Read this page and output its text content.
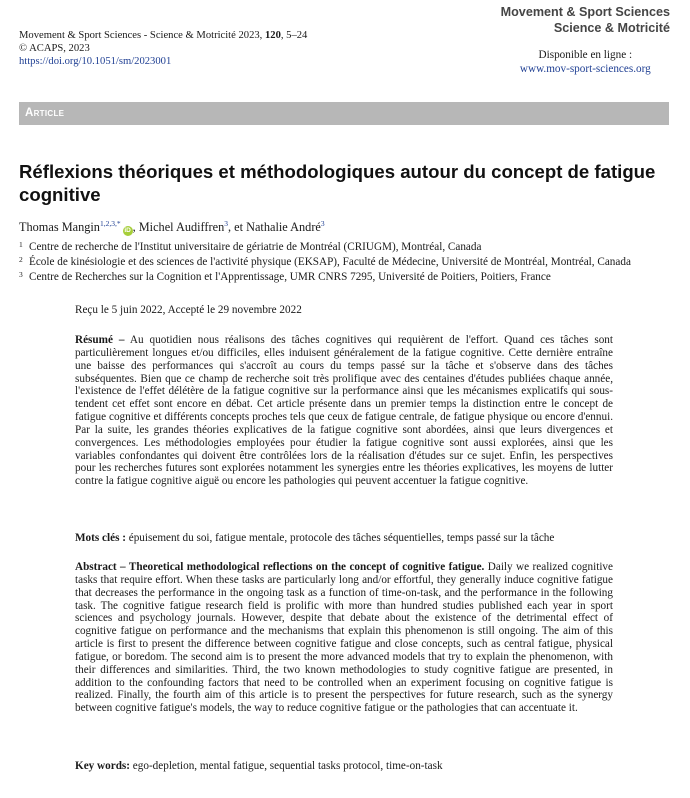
Movement & Sport Sciences - Science & Motricité 2023, 120, 5–24
© ACAPS, 2023
https://doi.org/10.1051/sm/2023001
Movement & Sport Sciences
Science & Motricité
Disponible en ligne :
www.mov-sport-sciences.org
Article
Réflexions théoriques et méthodologiques autour du concept de fatigue cognitive
Thomas Mangin$^{1,2,3,*}$iD , Michel Audiffren$^3$, et Nathalie André$^3$
1 Centre de recherche de l'Institut universitaire de gériatrie de Montréal (CRIUGM), Montréal, Canada
2 École de kinésiologie et des sciences de l'activité physique (EKSAP), Faculté de Médecine, Université de Montréal, Montréal, Canada
3 Centre de Recherches sur la Cognition et l'Apprentissage, UMR CNRS 7295, Université de Poitiers, Poitiers, France
Reçu le 5 juin 2022, Accepté le 29 novembre 2022

Résumé – Au quotidien nous réalisons des tâches cognitives qui requièrent de l'effort. Quand ces tâches sont particulièrement longues et/ou difficiles, elles induisent généralement de la fatigue cognitive. Cette dernière entraîne une baisse des performances qui s'accroît au cours du temps passé sur la tâche et s'observe dans des tâches subséquentes. Bien que ce champ de recherche soit très prolifique avec des centaines d'études publiées chaque année, l'existence de l'effet délétère de la fatigue cognitive sur la performance ainsi que les mécanismes explicatifs qui sous-tendent cet effet sont encore en débat. Cet article présente dans un premier temps la distinction entre le concept de fatigue cognitive et différents concepts proches tels que ceux de fatigue centrale, de fatigue physique ou encore d'ennui. Par la suite, les grandes théories explicatives de la fatigue cognitive sont abordées, ainsi que leurs divergences et convergences. Les méthodologies employées pour étudier la fatigue cognitive sont aussi explorées, ainsi que les variables confondantes qui doivent être contrôlées lors de la réalisation d'études sur ce sujet. Enfin, les perspectives pour les recherches futures sont explorées notamment les synergies entre les théories explicatives, les moyens de lutter contre la fatigue cognitive aiguë ou encore les pathologies qui peuvent accentuer la fatigue cognitive.

Mots clés : épuisement du soi, fatigue mentale, protocole des tâches séquentielles, temps passé sur la tâche

Abstract – Theoretical methodological reflections on the concept of cognitive fatigue. Daily we realized cognitive tasks that require effort. When these tasks are particularly long and/or effortful, they generally induce cognitive fatigue that decreases the performance in the ongoing task as a function of time-on-task, and the performance in the following task. The cognitive fatigue research field is prolific with more than hundred studies published each year in sport sciences and psychology journals. However, despite that debate about the existence of the detrimental effect of cognitive fatigue on performance and the mechanisms that explain this phenomenon is still ongoing. The aim of this article is first to present the difference between cognitive fatigue and close concepts, such as central fatigue, physical fatigue, or boredom. The second aim is to present the more advanced models that try to explain the phenomenon, with their differences and similarities. Third, the two known methodologies to study cognitive fatigue are presented, in addition to the confounding factors that need to be controlled when an experiment focusing on cognitive fatigue is realized. Finally, the fourth aim of this article is to present the perspectives for future research, such as the synergy between cognitive fatigue's models, the way to reduce cognitive fatigue or the pathologies that can accentuate it.

Key words: ego-depletion, mental fatigue, sequential tasks protocol, time-on-task
